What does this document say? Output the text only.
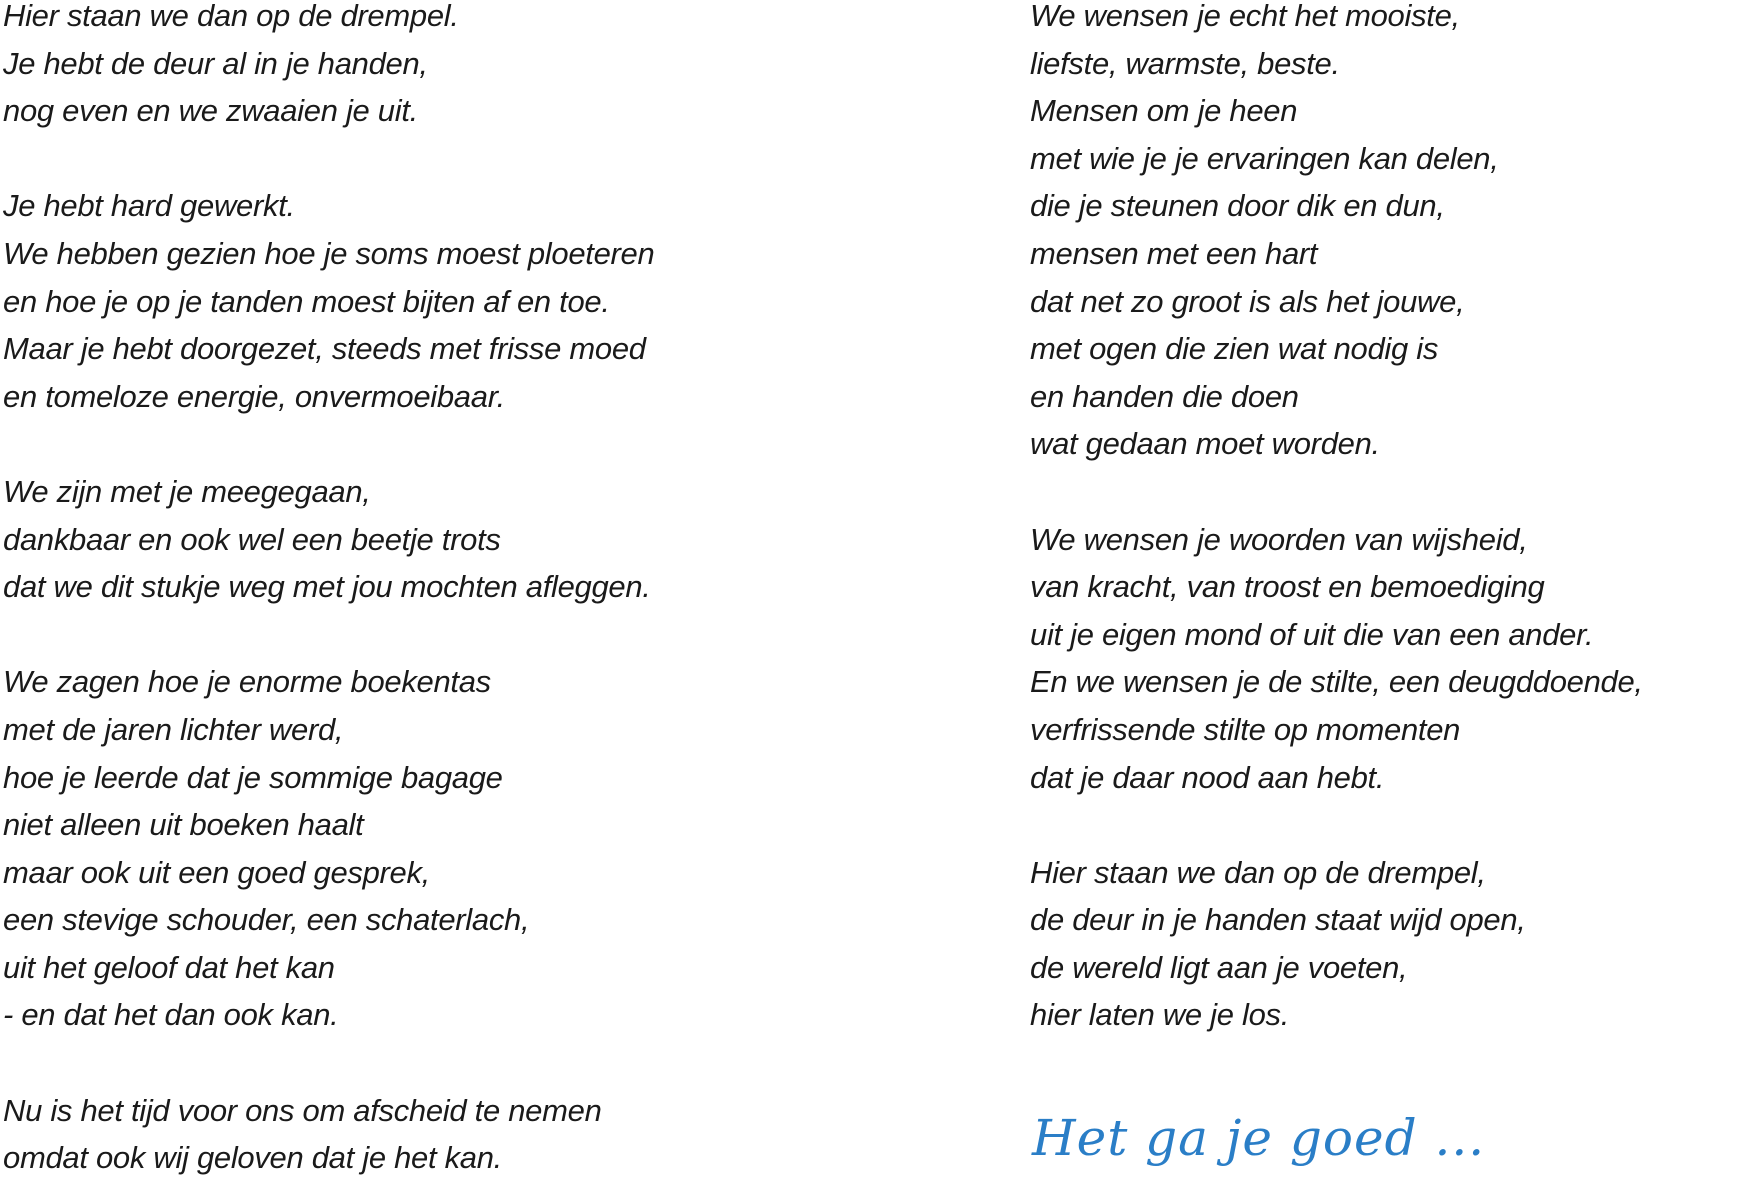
Hier staan we dan op de drempel.
Je hebt de deur al in je handen,
nog even en we zwaaien je uit.

Je hebt hard gewerkt.
We hebben gezien hoe je soms moest ploeteren
en hoe je op je tanden moest bijten af en toe.
Maar je hebt doorgezet, steeds met frisse moed
en tomeloze energie, onvermoeibaar.

We zijn met je meegegaan,
dankbaar en ook wel een beetje trots
dat we dit stukje weg met jou mochten afleggen.

We zagen hoe je enorme boekentas
met de jaren lichter werd,
hoe je leerde dat je sommige bagage
niet alleen uit boeken haalt
maar ook uit een goed gesprek,
een stevige schouder, een schaterlach,
uit het geloof dat het kan
- en dat het dan ook kan.

Nu is het tijd voor ons om afscheid te nemen
omdat ook wij geloven dat je het kan.

We wensen je echt het mooiste,
liefste, warmste, beste.
Mensen om je heen
met wie je je ervaringen kan delen,
die je steunen door dik en dun,
mensen met een hart
dat net zo groot is als het jouwe,
met ogen die zien wat nodig is
en handen die doen
wat gedaan moet worden.

We wensen je woorden van wijsheid,
van kracht, van troost en bemoediging
uit je eigen mond of uit die van een ander.
En we wensen je de stilte, een deugddoende,
verfrissende stilte op momenten
dat je daar nood aan hebt.

Hier staan we dan op de drempel,
de deur in je handen staat wijd open,
de wereld ligt aan je voeten,
hier laten we je los.

Het ga je goed ...
